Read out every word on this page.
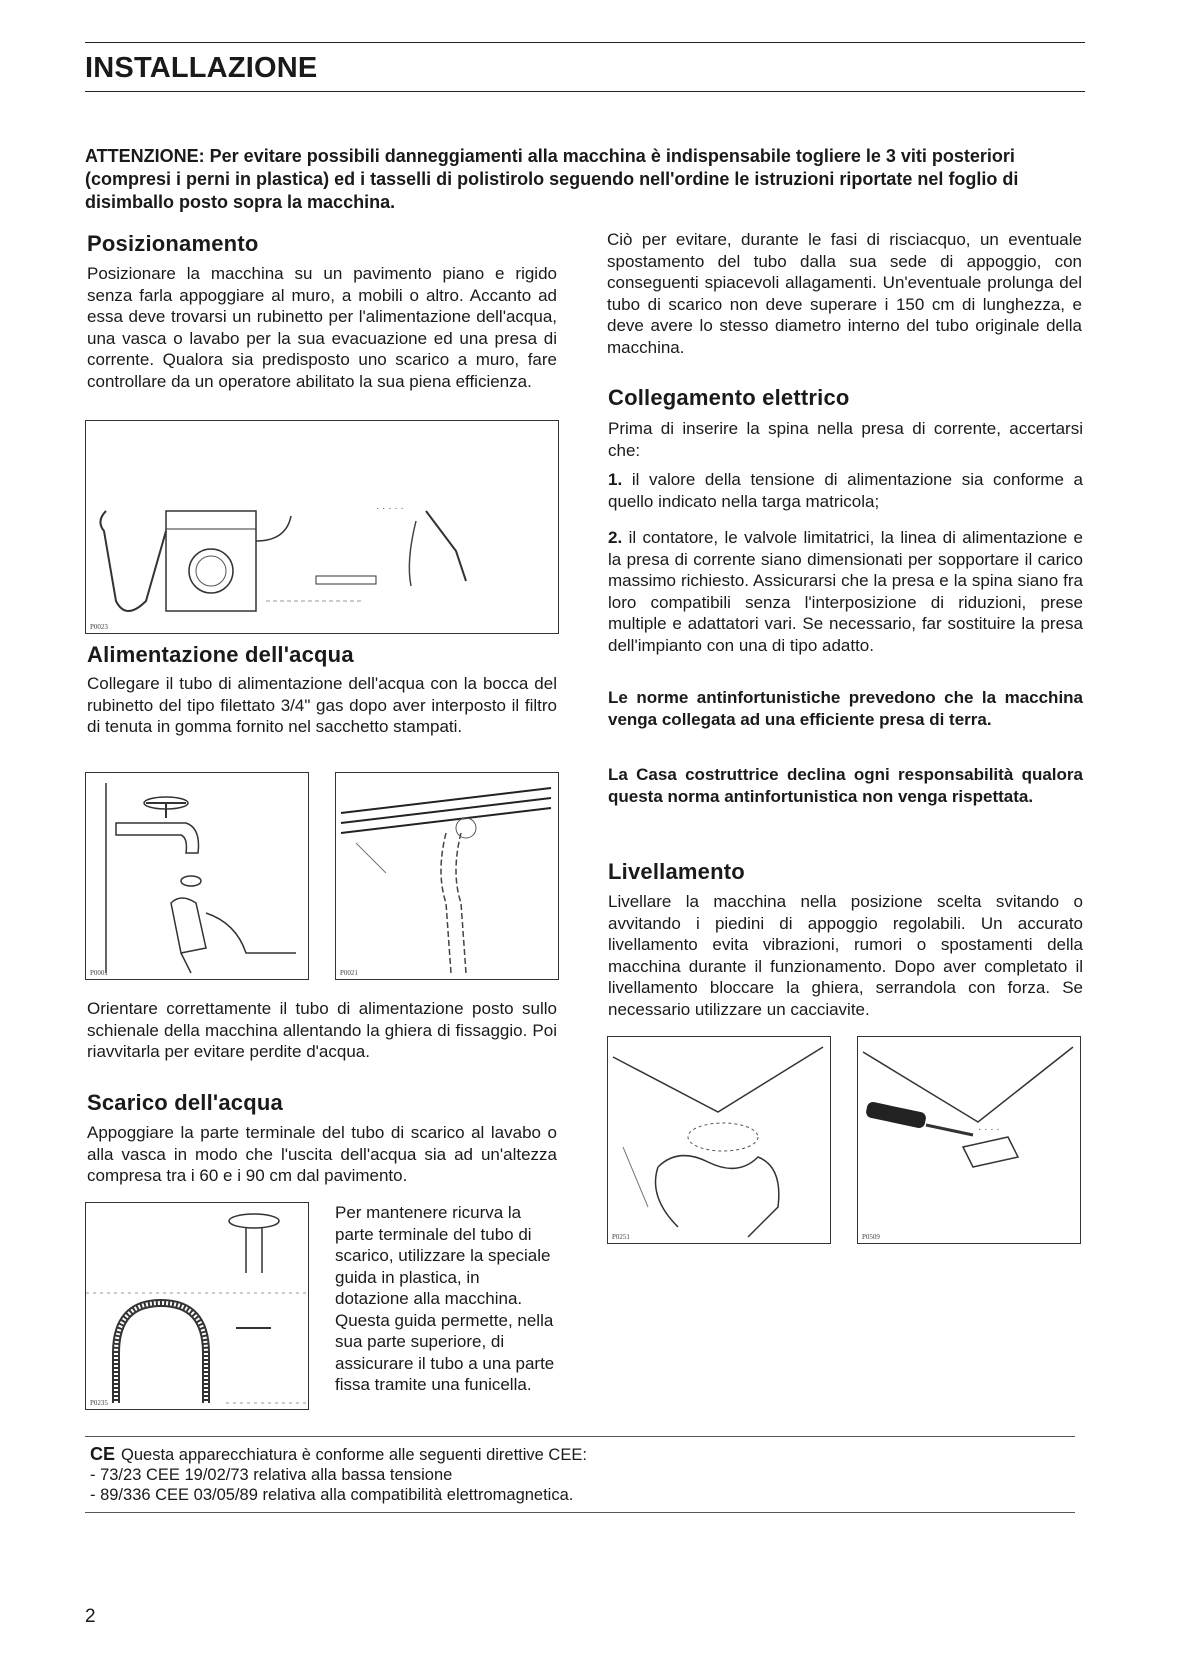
INSTALLAZIONE
ATTENZIONE: Per evitare possibili danneggiamenti alla macchina è indispensabile togliere le 3 viti posteriori (compresi i perni in plastica) ed i tasselli di polistirolo seguendo nell'ordine le istruzioni riportate nel foglio di disimballo posto sopra la macchina.
Posizionamento

Posizionare la macchina su un pavimento piano e rigido senza farla appoggiare al muro, a mobili o altro. Accanto ad essa deve trovarsi un rubinetto per l'alimentazione dell'acqua, una vasca o lavabo per la sua evacuazione ed una presa di corrente. Qualora sia predisposto uno scarico a muro, fare controllare da un operatore abilitato la sua piena efficienza.

· · · · ·
P0023
Alimentazione dell'acqua

Collegare il tubo di alimentazione dell'acqua con la bocca del rubinetto del tipo filettato 3/4" gas dopo aver interposto il filtro di tenuta in gomma fornito nel sacchetto stampati.

P0001	P0021

Orientare correttamente il tubo di alimentazione posto sullo schienale della macchina allentando la ghiera di fissaggio. Poi riavvitarla per evitare perdite d'acqua.

Scarico dell'acqua

Appoggiare la parte terminale del tubo di scarico al lavabo o alla vasca in modo che l'uscita dell'acqua sia ad un'altezza compresa tra i 60 e i 90 cm dal pavimento.

P0235

Per mantenere ricurva la parte terminale del tubo di scarico, utilizzare la speciale guida in plastica, in dotazione alla macchina. Questa guida permette, nella sua parte superiore, di assicurare il tubo a una parte fissa tramite una funicella.

Ciò per evitare, durante le fasi di risciacquo, un eventuale spostamento del tubo dalla sua sede di appoggio, con conseguenti spiacevoli allagamenti. Un'eventuale prolunga del tubo di scarico non deve superare i 150 cm di lunghezza, e deve avere lo stesso diametro interno del tubo originale della macchina.

Collegamento elettrico

Prima di inserire la spina nella presa di corrente, accertarsi che:

1. il valore della tensione di alimentazione sia conforme a quello indicato nella targa matricola;

2. il contatore, le valvole limitatrici, la linea di alimentazione e la presa di corrente siano dimensionati per sopportare il carico massimo richiesto. Assicurarsi che la presa e la spina siano fra loro compatibili senza l'interposizione di riduzioni, prese multiple e adattatori vari. Se necessario, far sostituire la presa dell'impianto con una di tipo adatto.

Le norme antinfortunistiche prevedono che la macchina venga collegata ad una efficiente presa di terra.

La Casa costruttrice declina ogni responsabilità qualora questa norma antinfortunistica non venga rispettata.

Livellamento

Livellare la macchina nella posizione scelta svitando o avvitando i piedini di appoggio regolabili. Un accurato livellamento evita vibrazioni, rumori o spostamenti della macchina durante il funzionamento. Dopo aver completato il livellamento bloccare la ghiera, serrandola con forza. Se necessario utilizzare un cacciavite.

P0251
· · · ·
P0509
CE Questa apparecchiatura è conforme alle seguenti direttive CEE:
- 73/23 CEE 19/02/73 relativa alla bassa tensione
- 89/336 CEE 03/05/89 relativa alla compatibilità elettromagnetica.
2
